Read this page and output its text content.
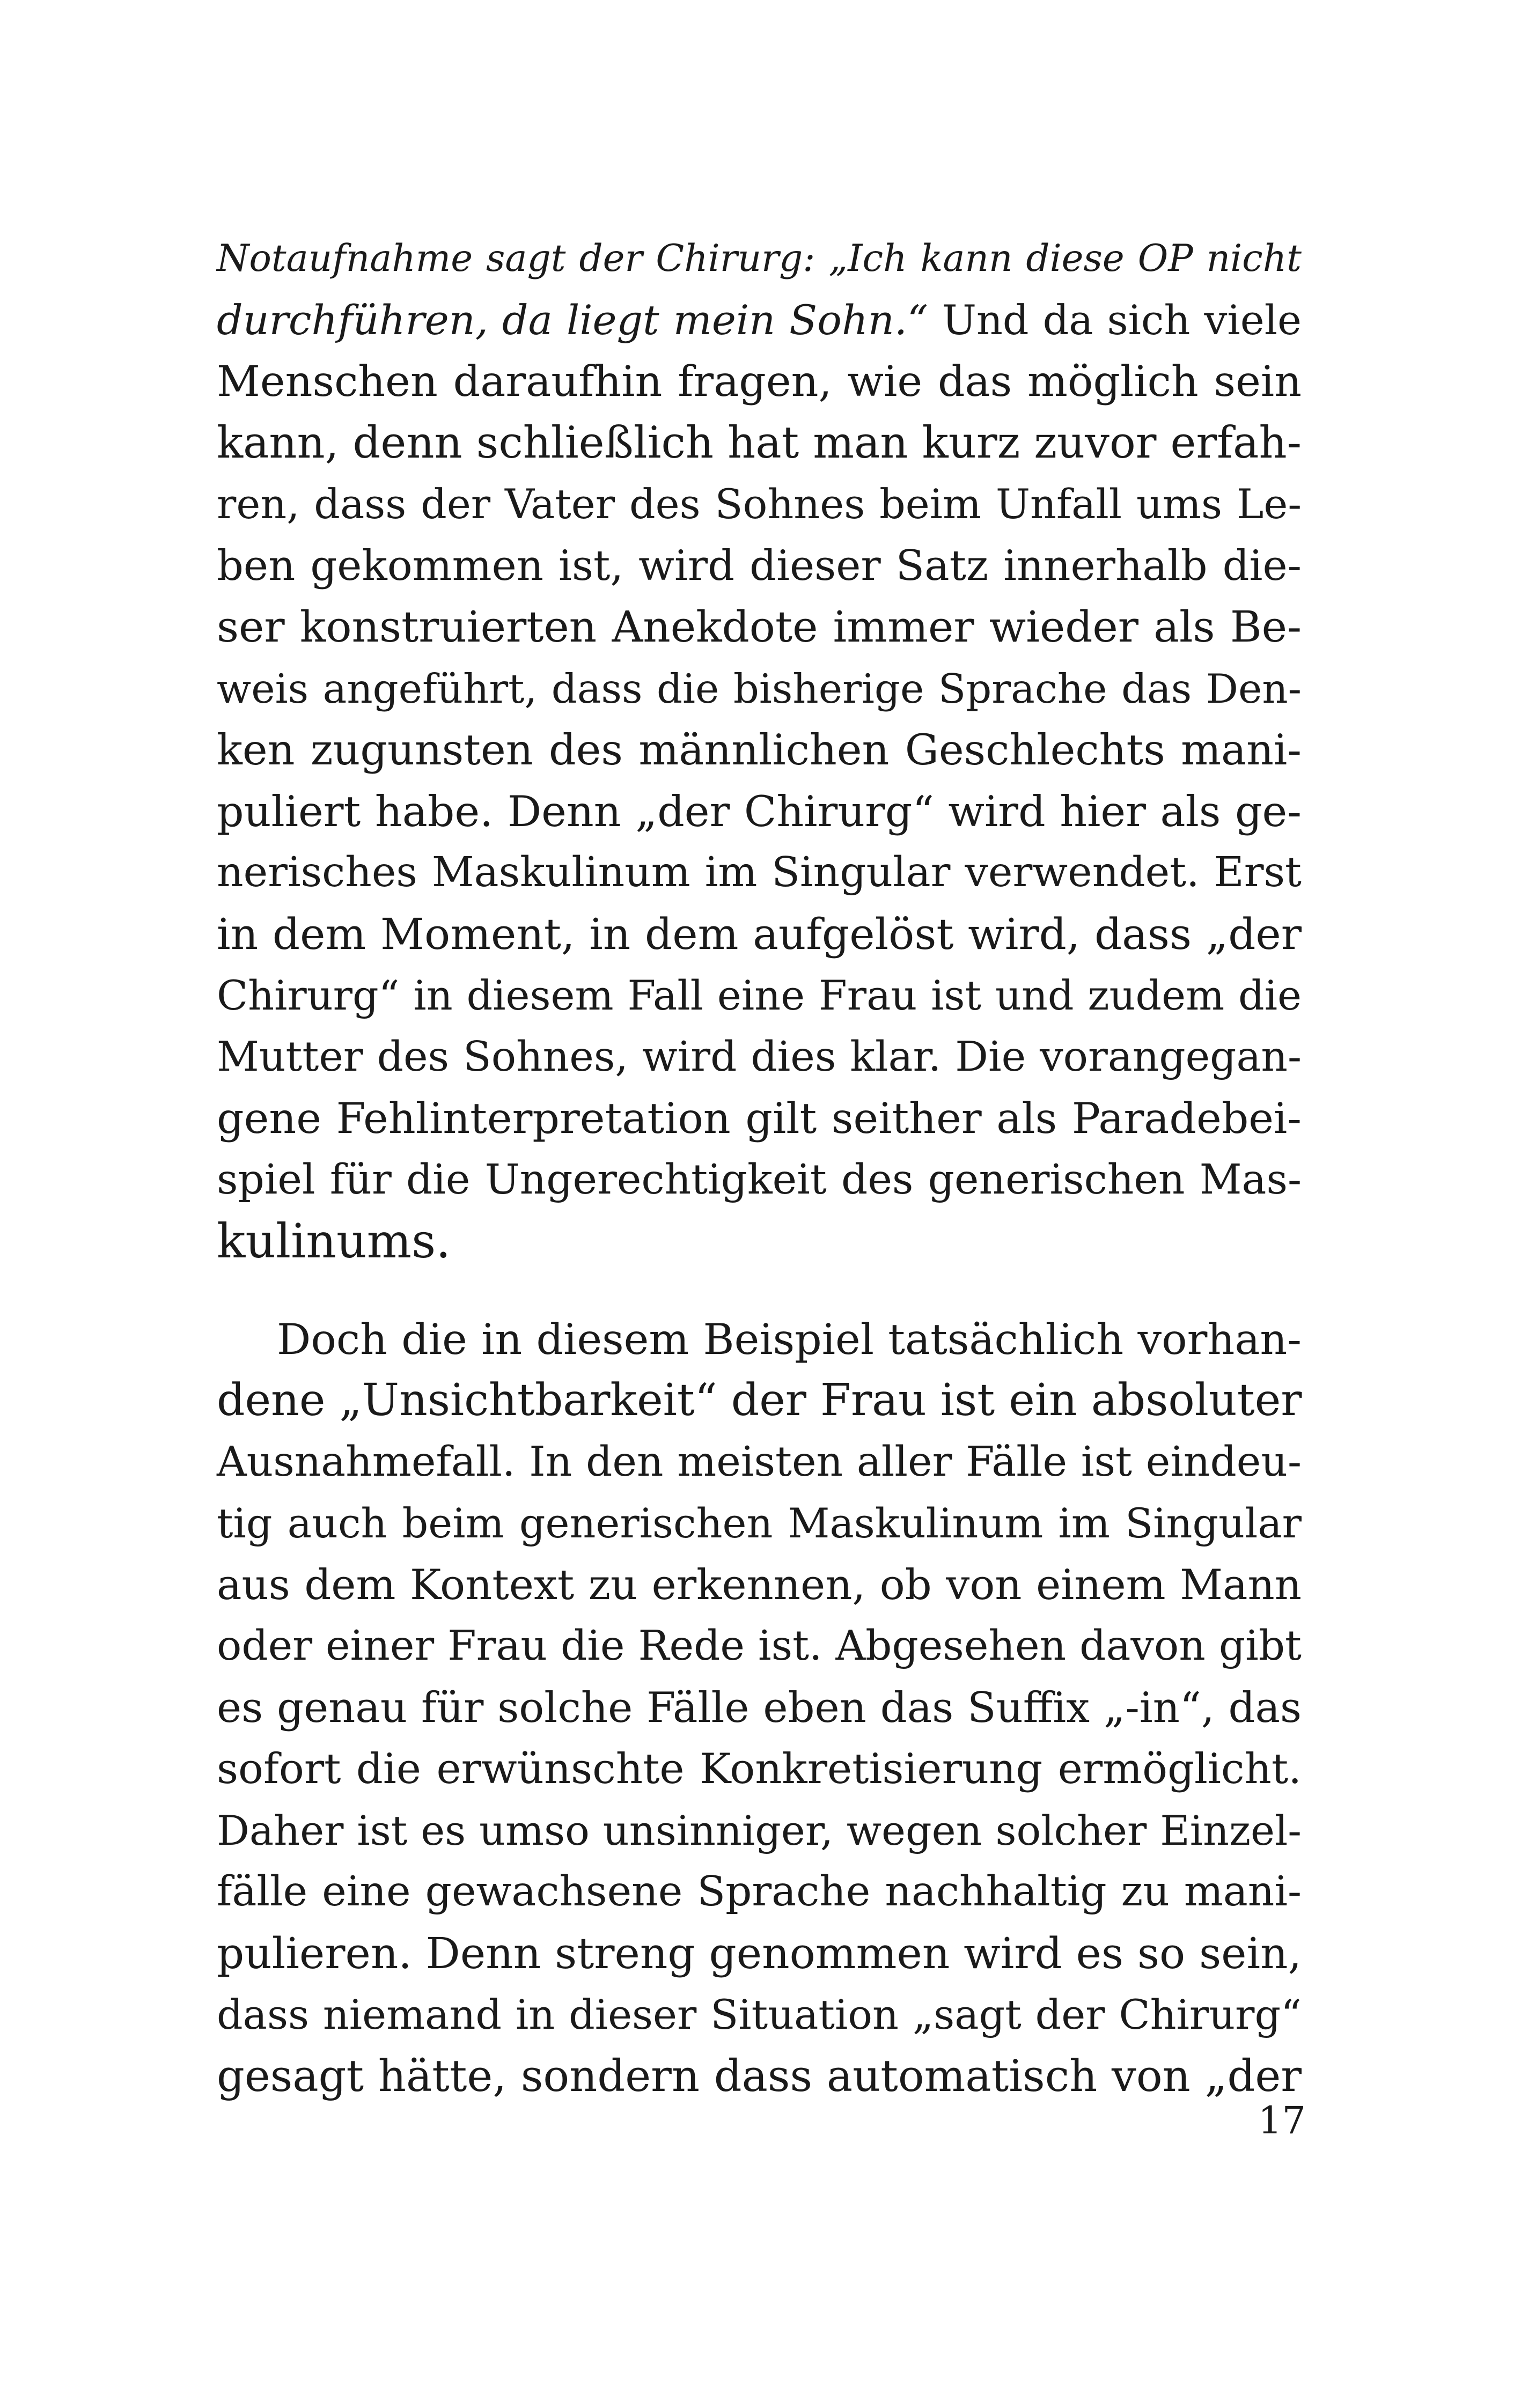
Notaufnahme sagt der Chirurg: „Ich kann diese OP nicht
durchführen, da liegt mein Sohn.“ Und da sich viele
Menschen daraufhin fragen, wie das möglich sein
kann, denn schließlich hat man kurz zuvor erfah-
ren, dass der Vater des Sohnes beim Unfall ums Le-
ben gekommen ist, wird dieser Satz innerhalb die-
ser konstruierten Anekdote immer wieder als Be-
weis angeführt, dass die bisherige Sprache das Den-
ken zugunsten des männlichen Geschlechts mani-
puliert habe. Denn „der Chirurg“ wird hier als ge-
nerisches Maskulinum im Singular verwendet. Erst
in dem Moment, in dem aufgelöst wird, dass „der
Chirurg“ in diesem Fall eine Frau ist und zudem die
Mutter des Sohnes, wird dies klar. Die vorangegan-
gene Fehlinterpretation gilt seither als Paradebei-
spiel für die Ungerechtigkeit des generischen Mas-
kulinums.
Doch die in diesem Beispiel tatsächlich vorhan-
dene „Unsichtbarkeit“ der Frau ist ein absoluter
Ausnahmefall. In den meisten aller Fälle ist eindeu-
tig auch beim generischen Maskulinum im Singular
aus dem Kontext zu erkennen, ob von einem Mann
oder einer Frau die Rede ist. Abgesehen davon gibt
es genau für solche Fälle eben das Suffix „-in“, das
sofort die erwünschte Konkretisierung ermöglicht.
Daher ist es umso unsinniger, wegen solcher Einzel-
fälle eine gewachsene Sprache nachhaltig zu mani-
pulieren. Denn streng genommen wird es so sein,
dass niemand in dieser Situation „sagt der Chirurg“
gesagt hätte, sondern dass automatisch von „der
17
